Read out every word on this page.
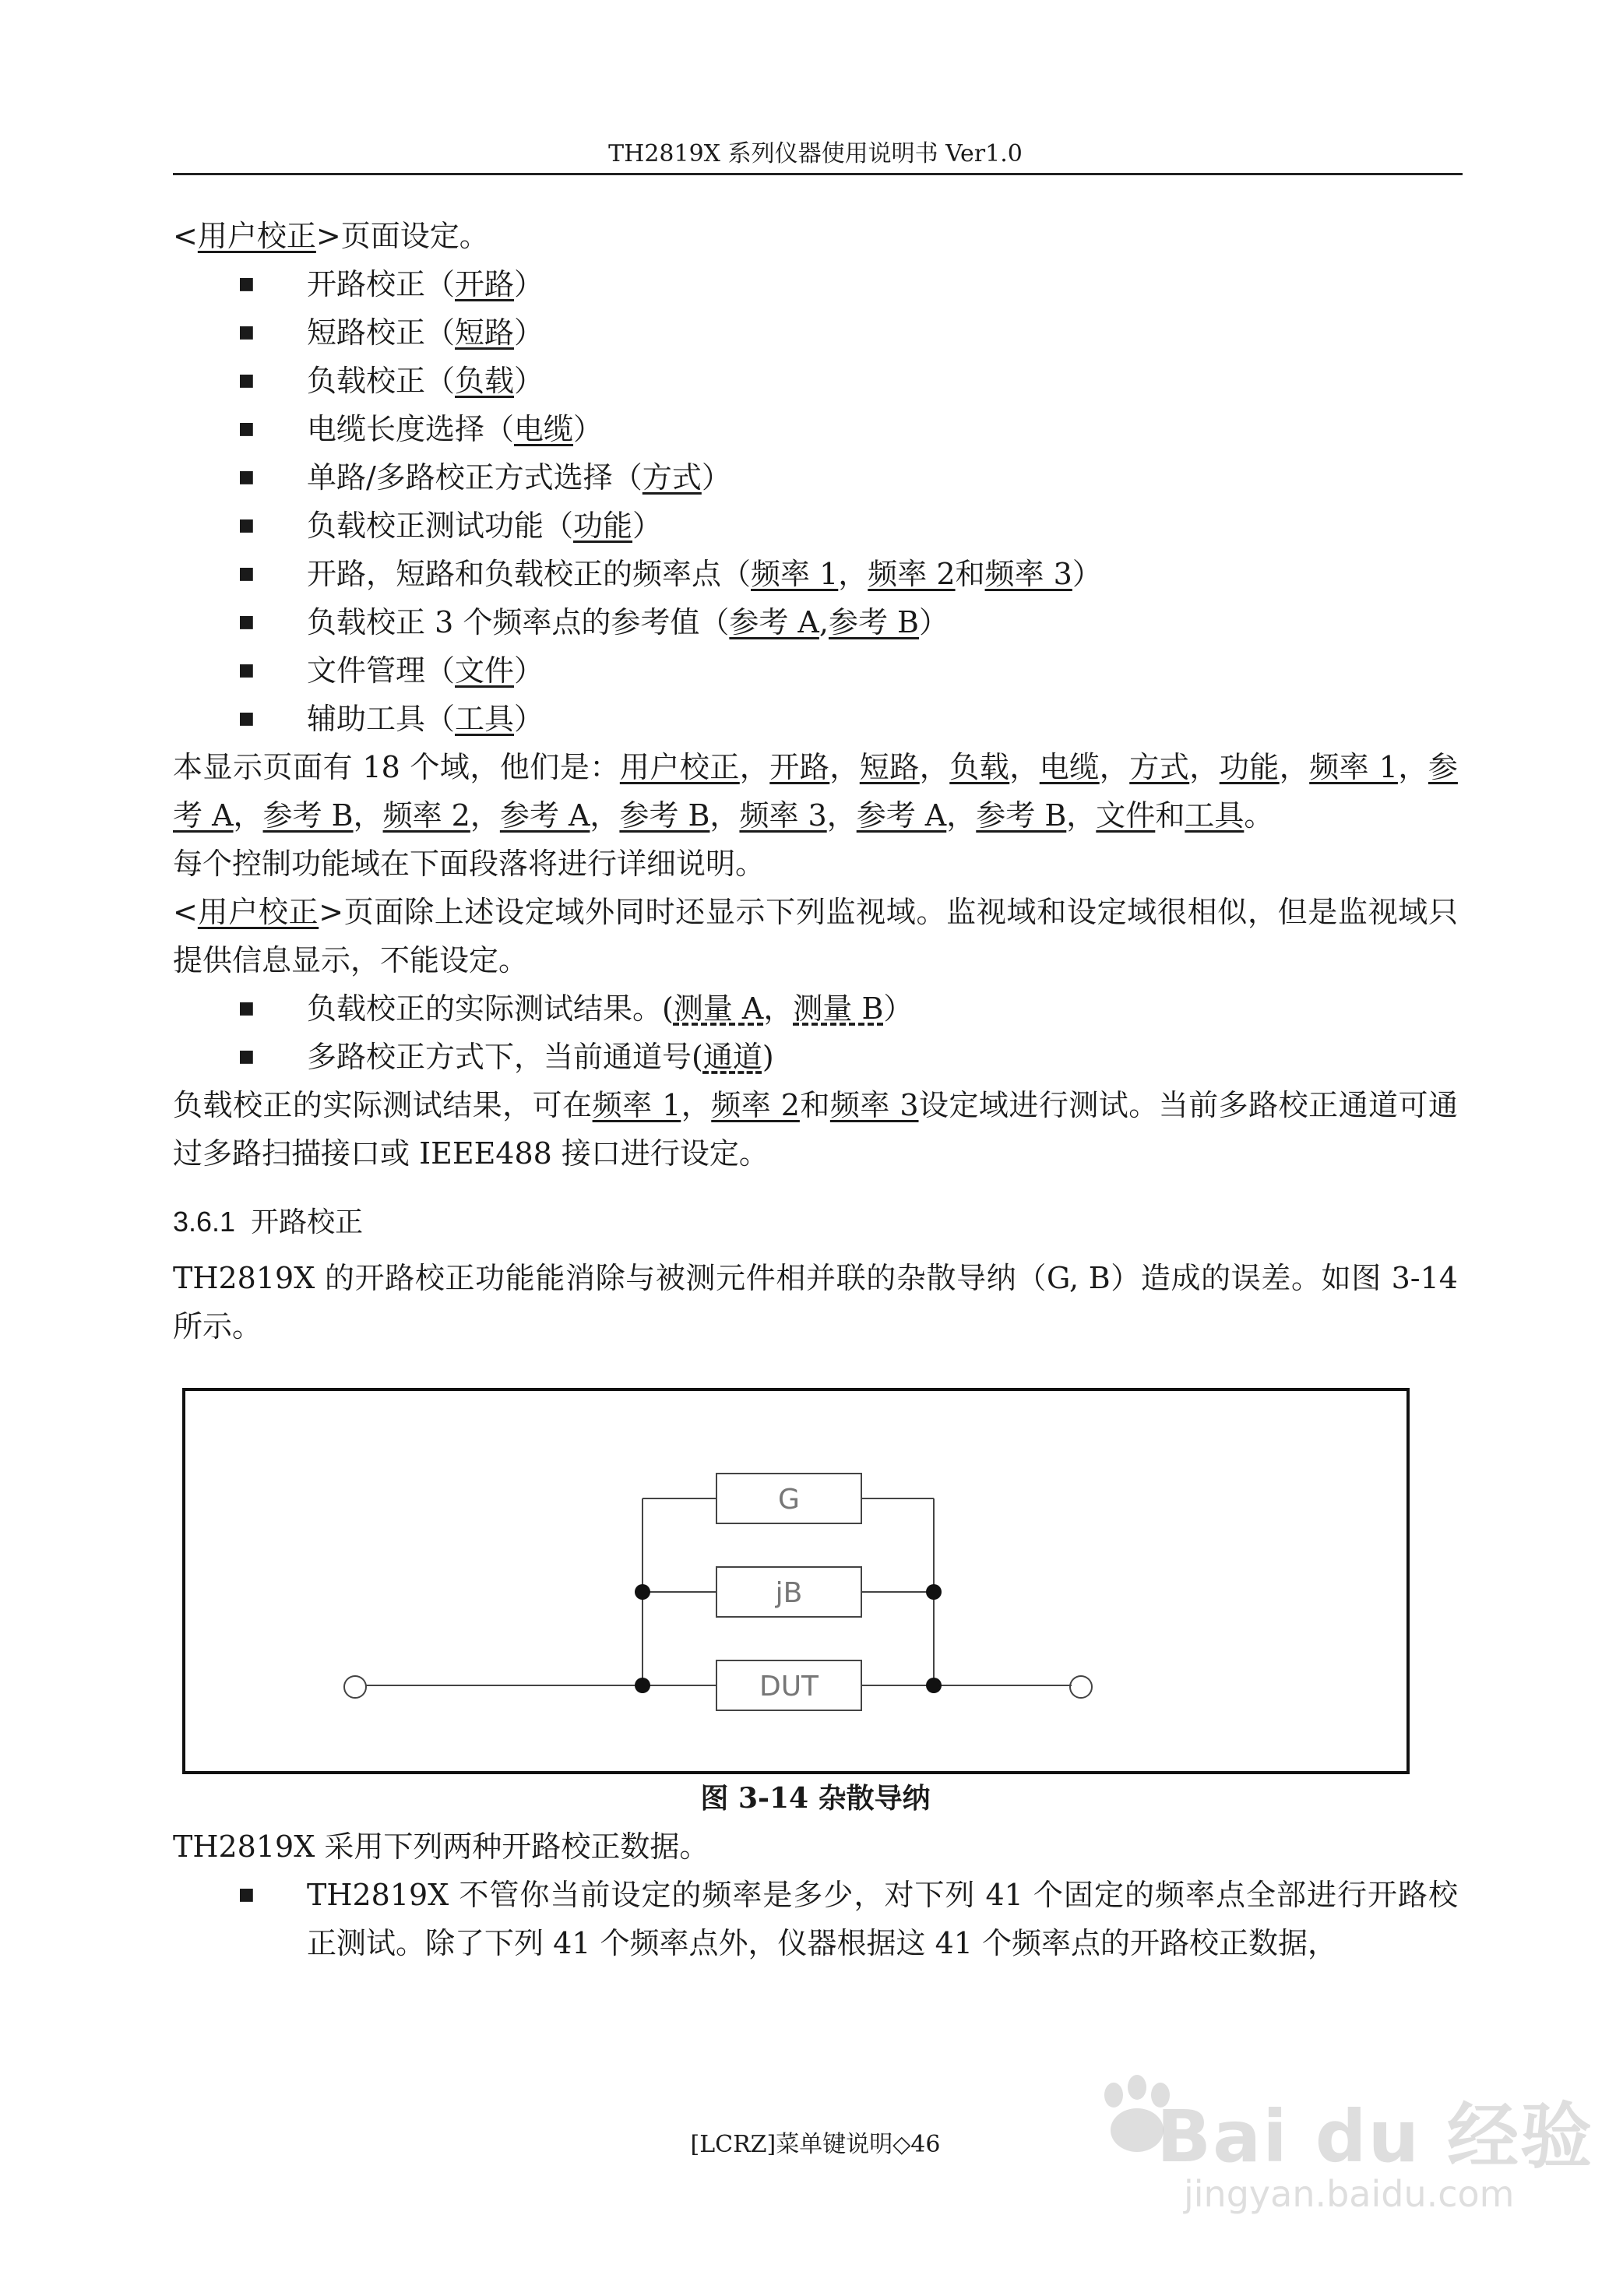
TH2819X 系列仪器使用说明书 Ver1.0

<用户校正>页面设定。

■ 开路校正（开路）

■ 短路校正（短路）

■ 负载校正（负载）

■ 电缆长度选择（电缆）

■ 单路/多路校正方式选择（方式）

■ 负载校正测试功能（功能）

■ 开路，短路和负载校正的频率点（频率 1，频率 2和频率 3）

■ 负载校正 3 个频率点的参考值（参考 A,参考 B）

■ 文件管理（文件）

■ 辅助工具（工具）

本显示页面有 18 个域，他们是：用户校正，开路，短路，负载，电缆，方式，功能，频率 1，参考 A，参考 B，频率 2，参考 A，参考 B，频率 3，参考 A，参考 B，文件和工具。

每个控制功能域在下面段落将进行详细说明。

<用户校正>页面除上述设定域外同时还显示下列监视域。监视域和设定域很相似，但是监视域只提供信息显示，不能设定。

■ 负载校正的实际测试结果。(测量 A，测量 B）

■ 多路校正方式下，当前通道号(通道)

负载校正的实际测试结果，可在频率 1，频率 2和频率 3设定域进行测试。当前多路校正通道可通过多路扫描接口或 IEEE488 接口进行设定。

3.6.1 开路校正

TH2819X 的开路校正功能能消除与被测元件相并联的杂散导纳（G, B）造成的误差。如图 3-14 所示。

G
jB
DUT

图 3-14 杂散导纳

TH2819X 采用下列两种开路校正数据。

■ TH2819X 不管你当前设定的频率是多少，对下列 41 个固定的频率点全部进行开路校正测试。除了下列 41 个频率点外，仪器根据这 41 个频率点的开路校正数据，

Bai du 经验
jingyan.baidu.com
[LCRZ]菜单键说明◇46
